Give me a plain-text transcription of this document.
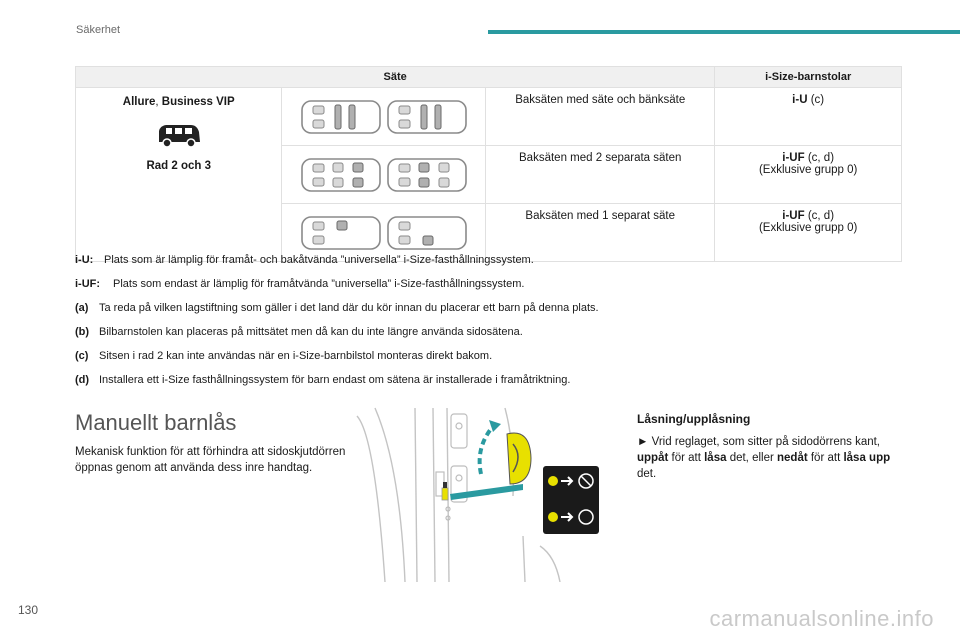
Säkerhet
Säte			i-Size-barnstolar

Allure, Business VIP
Rad 2 och 3		Baksäten med säte och bänksäte	i-U (c)

	Baksäten med 2 separata säten	i-UF (c, d)
(Exklusive grupp 0)

	Baksäten med 1 separat säte	i-UF (c, d)
(Exklusive grupp 0)
i-U: Plats som är lämplig för framåt- och bakåtvända ”universella” i-Size-fasthållningssystem.
i-UF: Plats som endast är lämplig för framåtvända ”universella” i-Size-fasthållningssystem.
(a) Ta reda på vilken lagstiftning som gäller i det land där du kör innan du placerar ett barn på denna plats.
(b) Bilbarnstolen kan placeras på mittsätet men då kan du inte längre använda sidosätena.
(c) Sitsen i rad 2 kan inte användas när en i-Size-barnbilstol monteras direkt bakom.
(d) Installera ett i-Size fasthållningssystem för barn endast om sätena är installerade i framåtriktning.
Manuellt barnlås
Mekanisk funktion för att förhindra att sidoskjutdörren öppnas genom att använda dess inre handtag.
Låsning/upplåsning
► Vrid reglaget, som sitter på sidodörrens kant, uppåt för att låsa det, eller nedåt för att låsa upp det.
130	carmanualsonline.info
